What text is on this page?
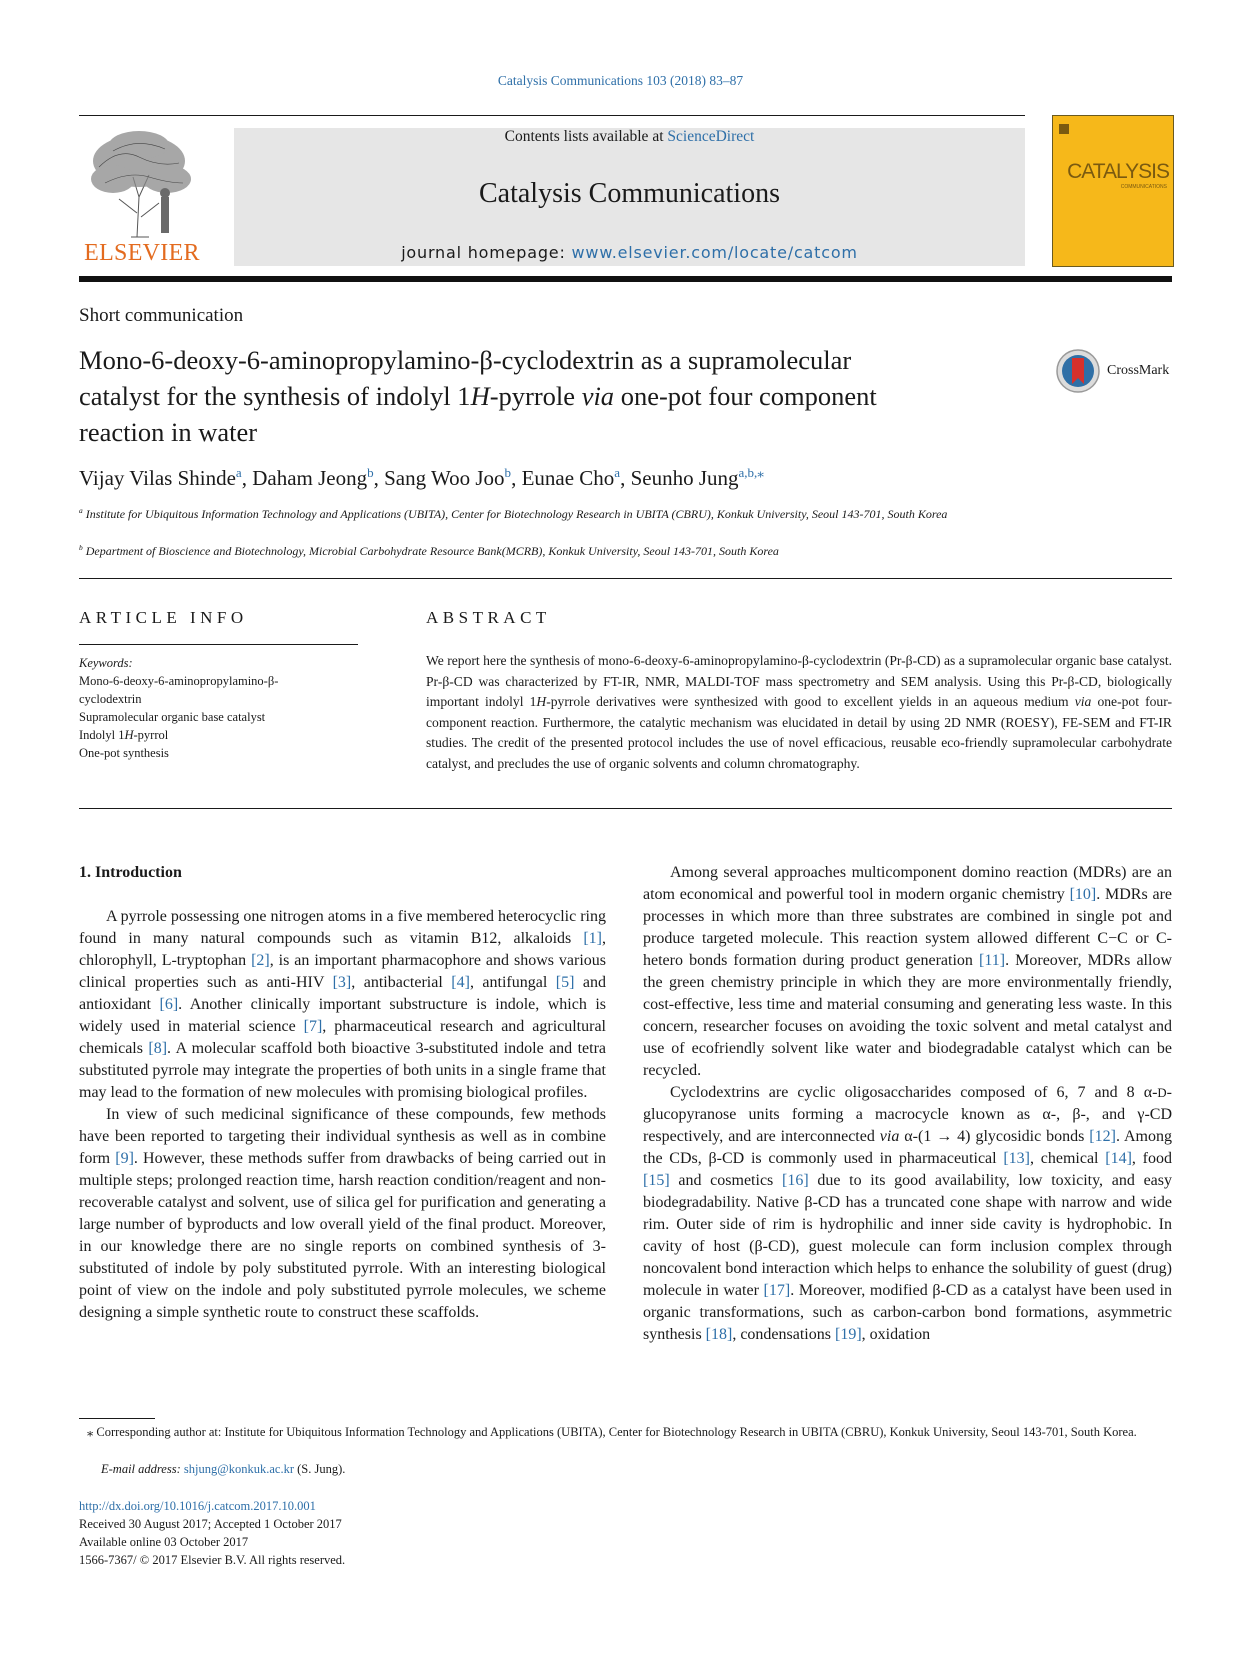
Catalysis Communications 103 (2018) 83–87
ELSEVIER
Contents lists available at ScienceDirect
Catalysis Communications
journal homepage: www.elsevier.com/locate/catcom
CATALYSIS
COMMUNICATIONS
Short communication
Mono-6-deoxy-6-aminopropylamino-β-cyclodextrin as a supramolecular
catalyst for the synthesis of indolyl 1H-pyrrole via one-pot four component
reaction in water
CrossMark
Vijay Vilas Shinde$^a$, Daham Jeong$^b$, Sang Woo Joo$^b$, Eunae Cho$^a$, Seunho Jung$^{a,b,⁎}$
$^a$ Institute for Ubiquitous Information Technology and Applications (UBITA), Center for Biotechnology Research in UBITA (CBRU), Konkuk University, Seoul 143-701, South Korea
$^b$ Department of Bioscience and Biotechnology, Microbial Carbohydrate Resource Bank(MCRB), Konkuk University, Seoul 143-701, South Korea
ARTICLE INFO
Keywords:
Mono-6-deoxy-6-aminopropylamino-β-
cyclodextrin
Supramolecular organic base catalyst
Indolyl 1H-pyrrol
One-pot synthesis
ABSTRACT
We report here the synthesis of mono-6-deoxy-6-aminopropylamino-β-cyclodextrin (Pr-β-CD) as a supramolecular organic base catalyst. Pr-β-CD was characterized by FT-IR, NMR, MALDI-TOF mass spectrometry and SEM analysis. Using this Pr-β-CD, biologically important indolyl 1H-pyrrole derivatives were synthesized with good to excellent yields in an aqueous medium via one-pot four-component reaction. Furthermore, the catalytic mechanism was elucidated in detail by using 2D NMR (ROESY), FE-SEM and FT-IR studies. The credit of the presented protocol includes the use of novel efficacious, reusable eco-friendly supramolecular carbohydrate catalyst, and precludes the use of organic solvents and column chromatography.
1. Introduction

A pyrrole possessing one nitrogen atoms in a five membered heterocyclic ring found in many natural compounds such as vitamin B12, alkaloids [1], chlorophyll, L-tryptophan [2], is an important pharmacophore and shows various clinical properties such as anti-HIV [3], antibacterial [4], antifungal [5] and antioxidant [6]. Another clinically important substructure is indole, which is widely used in material science [7], pharmaceutical research and agricultural chemicals [8]. A molecular scaffold both bioactive 3-substituted indole and tetra substituted pyrrole may integrate the properties of both units in a single frame that may lead to the formation of new molecules with promising biological profiles.

In view of such medicinal significance of these compounds, few methods have been reported to targeting their individual synthesis as well as in combine form [9]. However, these methods suffer from drawbacks of being carried out in multiple steps; prolonged reaction time, harsh reaction condition/reagent and non- recoverable catalyst and solvent, use of silica gel for purification and generating a large number of byproducts and low overall yield of the final product. Moreover, in our knowledge there are no single reports on combined synthesis of 3-substituted of indole by poly substituted pyrrole. With an interesting biological point of view on the indole and poly substituted pyrrole molecules, we scheme designing a simple synthetic route to construct these scaffolds.

Among several approaches multicomponent domino reaction (MDRs) are an atom economical and powerful tool in modern organic chemistry [10]. MDRs are processes in which more than three substrates are combined in single pot and produce targeted molecule. This reaction system allowed different C−C or C-hetero bonds formation during product generation [11]. Moreover, MDRs allow the green chemistry principle in which they are more environmentally friendly, cost-effective, less time and material consuming and generating less waste. In this concern, researcher focuses on avoiding the toxic solvent and metal catalyst and use of ecofriendly solvent like water and biodegradable catalyst which can be recycled.

Cyclodextrins are cyclic oligosaccharides composed of 6, 7 and 8 α-D-glucopyranose units forming a macrocycle known as α-, β-, and γ-CD respectively, and are interconnected via α-(1 → 4) glycosidic bonds [12]. Among the CDs, β-CD is commonly used in pharmaceutical [13], chemical [14], food [15] and cosmetics [16] due to its good availability, low toxicity, and easy biodegradability. Native β-CD has a truncated cone shape with narrow and wide rim. Outer side of rim is hydrophilic and inner side cavity is hydrophobic. In cavity of host (β-CD), guest molecule can form inclusion complex through noncovalent bond interaction which helps to enhance the solubility of guest (drug) molecule in water [17]. Moreover, modified β-CD as a catalyst have been used in organic transformations, such as carbon-carbon bond formations, asymmetric synthesis [18], condensations [19], oxidation

⁎ Corresponding author at: Institute for Ubiquitous Information Technology and Applications (UBITA), Center for Biotechnology Research in UBITA (CBRU), Konkuk University, Seoul 143-701, South Korea.
E-mail address: shjung@konkuk.ac.kr (S. Jung).
http://dx.doi.org/10.1016/j.catcom.2017.10.001
Received 30 August 2017; Accepted 1 October 2017
Available online 03 October 2017
1566-7367/ © 2017 Elsevier B.V. All rights reserved.
